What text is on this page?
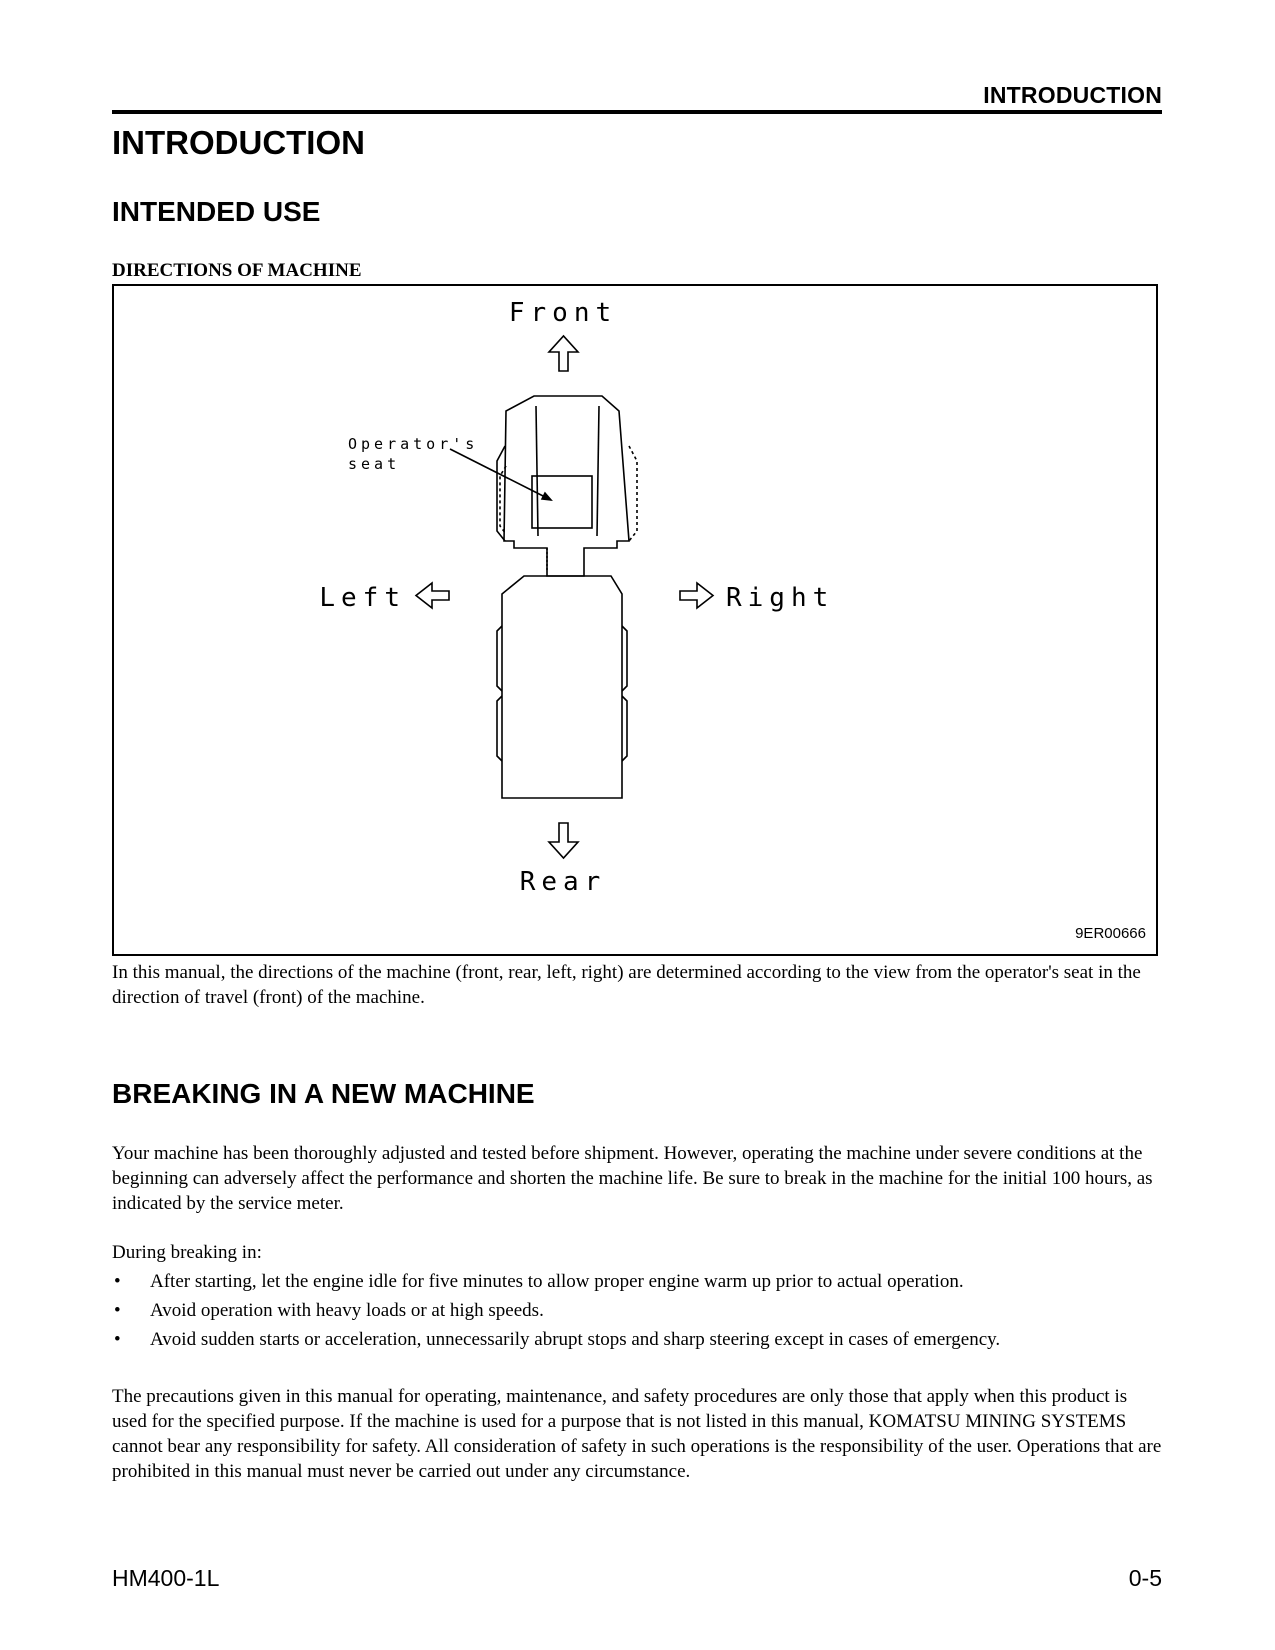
INTRODUCTION
INTRODUCTION
INTENDED USE
DIRECTIONS OF MACHINE
Front
Rear
Left	Right
Operator's
seat
9ER00666
In this manual, the directions of the machine (front, rear, left, right) are determined according to the view from the operator's seat in the direction of travel (front) of the machine.
BREAKING IN A NEW MACHINE
Your machine has been thoroughly adjusted and tested before shipment. However, operating the machine under severe conditions at the beginning can adversely affect the performance and shorten the machine life. Be sure to break in the machine for the initial 100 hours, as indicated by the service meter.
During breaking in:
• After starting, let the engine idle for five minutes to allow proper engine warm up prior to actual operation.
• Avoid operation with heavy loads or at high speeds.
• Avoid sudden starts or acceleration, unnecessarily abrupt stops and sharp steering except in cases of emergency.
The precautions given in this manual for operating, maintenance, and safety procedures are only those that apply when this product is used for the specified purpose. If the machine is used for a purpose that is not listed in this manual, KOMATSU MINING SYSTEMS cannot bear any responsibility for safety. All consideration of safety in such operations is the responsibility of the user. Operations that are prohibited in this manual must never be carried out under any circumstance.
HM400-1L	0-5
